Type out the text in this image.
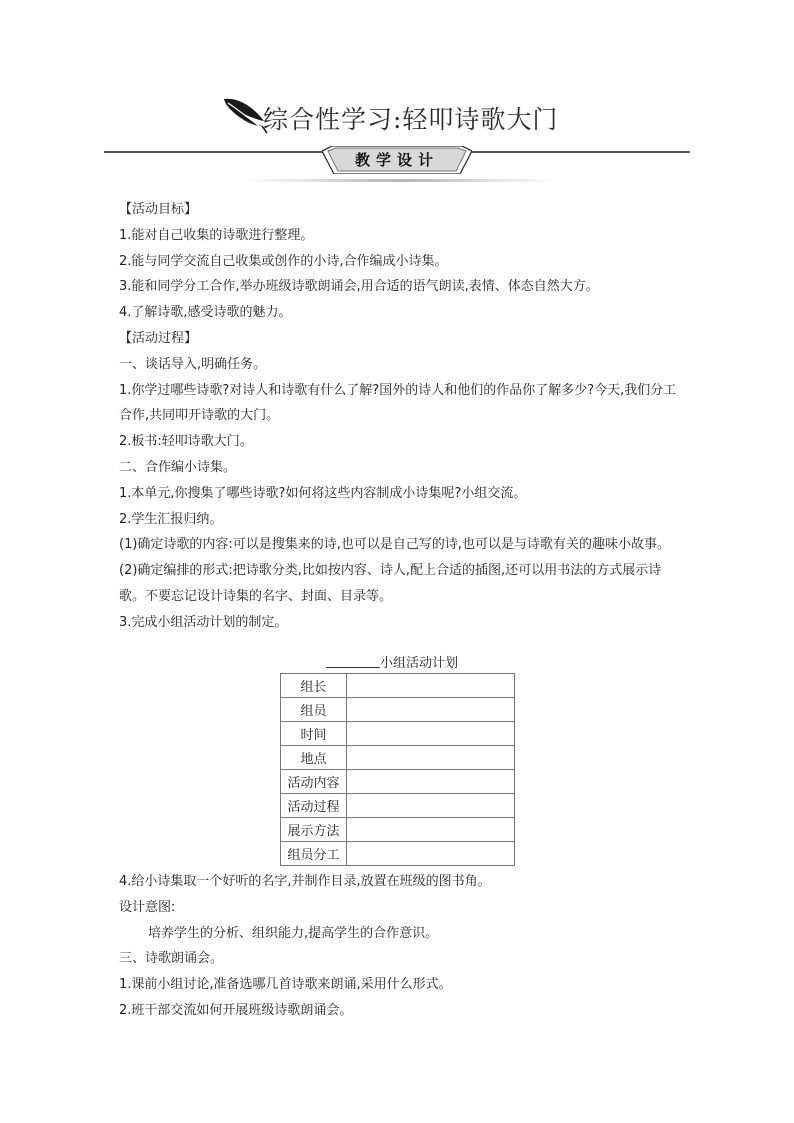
综合性学习:轻叩诗歌大门
教学设计
【活动目标】
1.能对自己收集的诗歌进行整理。
2.能与同学交流自己收集或创作的小诗,合作编成小诗集。
3.能和同学分工合作,举办班级诗歌朗诵会,用合适的语气朗读,表情、体态自然大方。
4.了解诗歌,感受诗歌的魅力。
【活动过程】
一、谈话导入,明确任务。
1.你学过哪些诗歌?对诗人和诗歌有什么了解?国外的诗人和他们的作品你了解多少?今天,我们分工合作,共同叩开诗歌的大门。
2.板书:轻叩诗歌大门。
二、合作编小诗集。
1.本单元,你搜集了哪些诗歌?如何将这些内容制成小诗集呢?小组交流。
2.学生汇报归纳。
(1)确定诗歌的内容:可以是搜集来的诗,也可以是自己写的诗,也可以是与诗歌有关的趣味小故事。
(2)确定编排的形式:把诗歌分类,比如按内容、诗人,配上合适的插图,还可以用书法的方式展示诗歌。不要忘记设计诗集的名字、封面、目录等。
3.完成小组活动计划的制定。
小组活动计划
组长	
组员	
时间	
地点	
活动内容	
活动过程	
展示方法	
组员分工	
4.给小诗集取一个好听的名字,并制作目录,放置在班级的图书角。
设计意图:
培养学生的分析、组织能力,提高学生的合作意识。
三、诗歌朗诵会。
1.课前小组讨论,准备选哪几首诗歌来朗诵,采用什么形式。
2.班干部交流如何开展班级诗歌朗诵会。
